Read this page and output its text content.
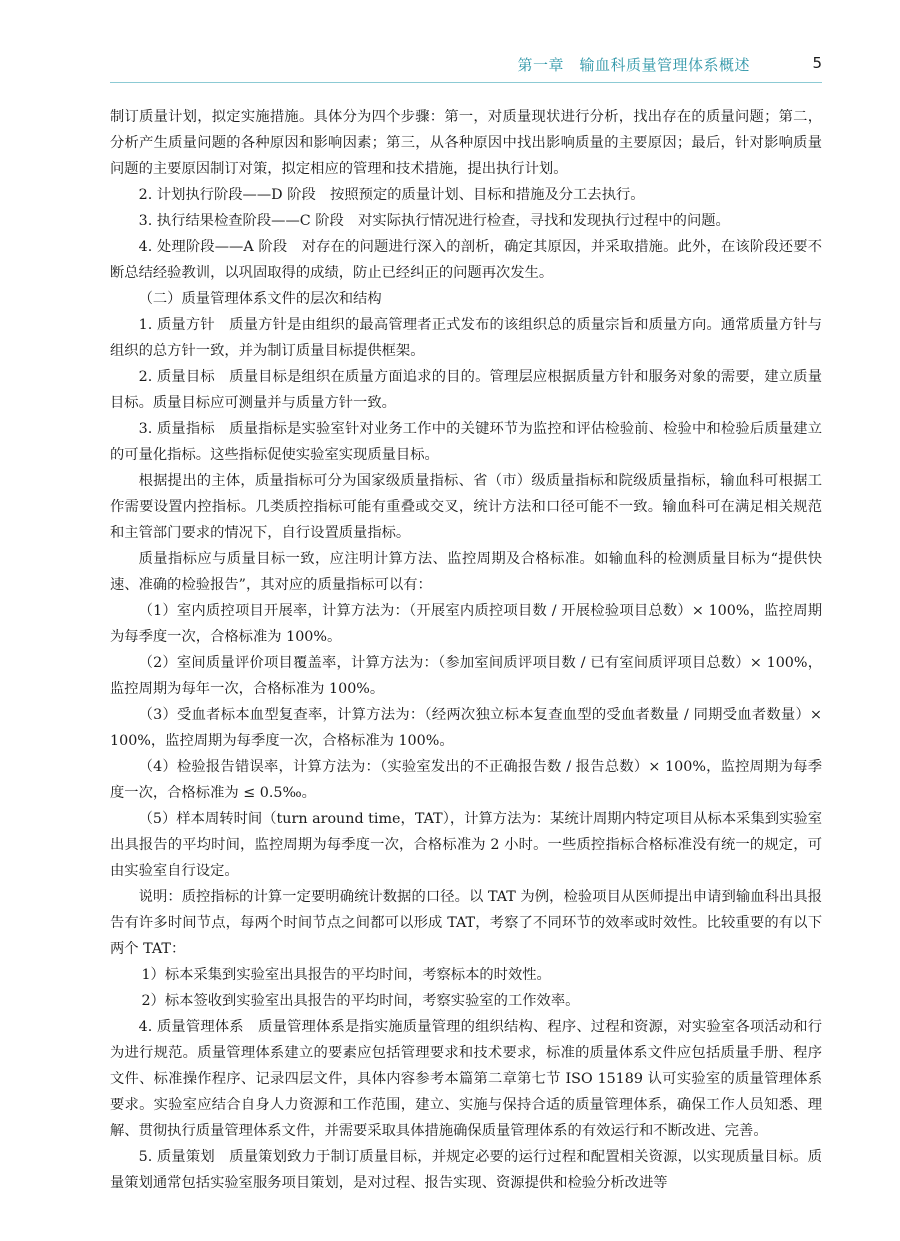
第一章　输血科质量管理体系概述	5

制订质量计划，拟定实施措施。具体分为四个步骤：第一，对质量现状进行分析，找出存在的质量问题；第二，分析产生质量问题的各种原因和影响因素；第三，从各种原因中找出影响质量的主要原因；最后，针对影响质量问题的主要原因制订对策，拟定相应的管理和技术措施，提出执行计划。

2. 计划执行阶段——D 阶段　按照预定的质量计划、目标和措施及分工去执行。

3. 执行结果检查阶段——C 阶段　对实际执行情况进行检查，寻找和发现执行过程中的问题。

4. 处理阶段——A 阶段　对存在的问题进行深入的剖析，确定其原因，并采取措施。此外，在该阶段还要不断总结经验教训，以巩固取得的成绩，防止已经纠正的问题再次发生。

（二）质量管理体系文件的层次和结构

1. 质量方针　质量方针是由组织的最高管理者正式发布的该组织总的质量宗旨和质量方向。通常质量方针与组织的总方针一致，并为制订质量目标提供框架。

2. 质量目标　质量目标是组织在质量方面追求的目的。管理层应根据质量方针和服务对象的需要，建立质量目标。质量目标应可测量并与质量方针一致。

3. 质量指标　质量指标是实验室针对业务工作中的关键环节为监控和评估检验前、检验中和检验后质量建立的可量化指标。这些指标促使实验室实现质量目标。

根据提出的主体，质量指标可分为国家级质量指标、省（市）级质量指标和院级质量指标，输血科可根据工作需要设置内控指标。几类质控指标可能有重叠或交叉，统计方法和口径可能不一致。输血科可在满足相关规范和主管部门要求的情况下，自行设置质量指标。

质量指标应与质量目标一致，应注明计算方法、监控周期及合格标准。如输血科的检测质量目标为“提供快速、准确的检验报告”，其对应的质量指标可以有：

（1）室内质控项目开展率，计算方法为：（开展室内质控项目数 / 开展检验项目总数）× 100%，监控周期为每季度一次，合格标准为 100%。

（2）室间质量评价项目覆盖率，计算方法为：（参加室间质评项目数 / 已有室间质评项目总数）× 100%，监控周期为每年一次，合格标准为 100%。

（3）受血者标本血型复查率，计算方法为：（经两次独立标本复查血型的受血者数量 / 同期受血者数量）× 100%，监控周期为每季度一次，合格标准为 100%。

（4）检验报告错误率，计算方法为：（实验室发出的不正确报告数 / 报告总数）× 100%，监控周期为每季度一次，合格标准为 ≤ 0.5‰。

（5）样本周转时间（turn around time，TAT），计算方法为：某统计周期内特定项目从标本采集到实验室出具报告的平均时间，监控周期为每季度一次，合格标准为 2 小时。一些质控指标合格标准没有统一的规定，可由实验室自行设定。

说明：质控指标的计算一定要明确统计数据的口径。以 TAT 为例，检验项目从医师提出申请到输血科出具报告有许多时间节点，每两个时间节点之间都可以形成 TAT，考察了不同环节的效率或时效性。比较重要的有以下两个 TAT：

1）标本采集到实验室出具报告的平均时间，考察标本的时效性。

2）标本签收到实验室出具报告的平均时间，考察实验室的工作效率。

4. 质量管理体系　质量管理体系是指实施质量管理的组织结构、程序、过程和资源，对实验室各项活动和行为进行规范。质量管理体系建立的要素应包括管理要求和技术要求，标准的质量体系文件应包括质量手册、程序文件、标准操作程序、记录四层文件，具体内容参考本篇第二章第七节 ISO 15189 认可实验室的质量管理体系要求。实验室应结合自身人力资源和工作范围，建立、实施与保持合适的质量管理体系，确保工作人员知悉、理解、贯彻执行质量管理体系文件，并需要采取具体措施确保质量管理体系的有效运行和不断改进、完善。

5. 质量策划　质量策划致力于制订质量目标，并规定必要的运行过程和配置相关资源，以实现质量目标。质量策划通常包括实验室服务项目策划，是对过程、报告实现、资源提供和检验分析改进等
